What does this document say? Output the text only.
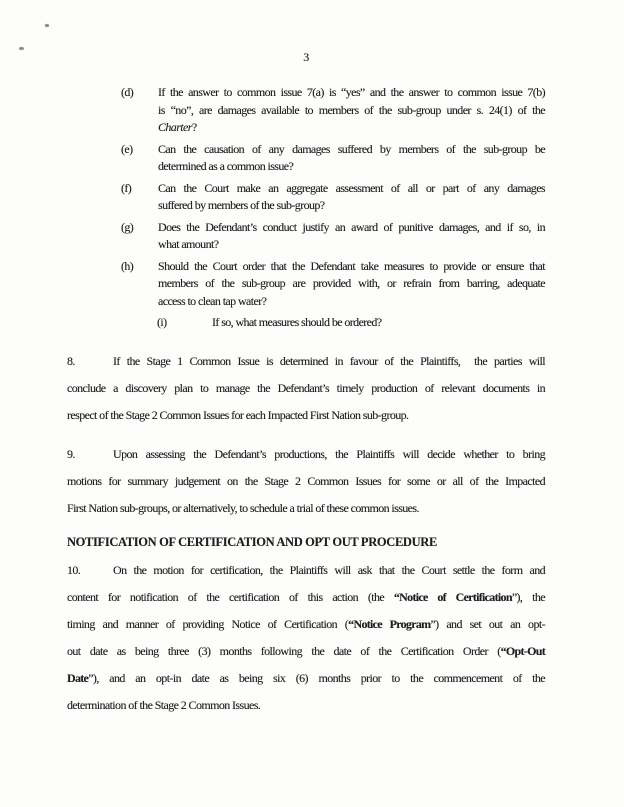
3
(d)	If the answer to common issue 7(a) is “yes” and the answer to common issue 7(b)
is “no”, are damages available to members of the sub-group under s. 24(1) of the
Charter?
(e)	Can the causation of any damages suffered by members of the sub-group be
determined as a common issue?
(f)	Can the Court make an aggregate assessment of all or part of any damages
suffered by members of the sub-group?
(g)	Does the Defendant’s conduct justify an award of punitive damages, and if so, in
what amount?
(h)	Should the Court order that the Defendant take measures to provide or ensure that
members of the sub-group are provided with, or refrain from barring, adequate
access to clean tap water?
(i)	If so, what measures should be ordered?
8.	If the Stage 1 Common Issue is determined in favour of the Plaintiffs,  the parties will
conclude a discovery plan to manage the Defendant’s timely production of relevant documents in
respect of the Stage 2 Common Issues for each Impacted First Nation sub-group.
9.	Upon assessing the Defendant’s productions, the Plaintiffs will decide whether to bring
motions for summary judgement on the Stage 2 Common Issues for some or all of the Impacted
First Nation sub-groups, or alternatively, to schedule a trial of these common issues.
NOTIFICATION OF CERTIFICATION AND OPT OUT PROCEDURE
10.	On the motion for certification, the Plaintiffs will ask that the Court settle the form and
content for notification of the certification of this action (the “Notice of Certification”), the
timing and manner of providing Notice of Certification (“Notice Program”) and set out an opt-
out date as being three (3) months following the date of the Certification Order (“Opt-Out
Date”), and an opt-in date as being six (6) months prior to the commencement of the
determination of the Stage 2 Common Issues.
